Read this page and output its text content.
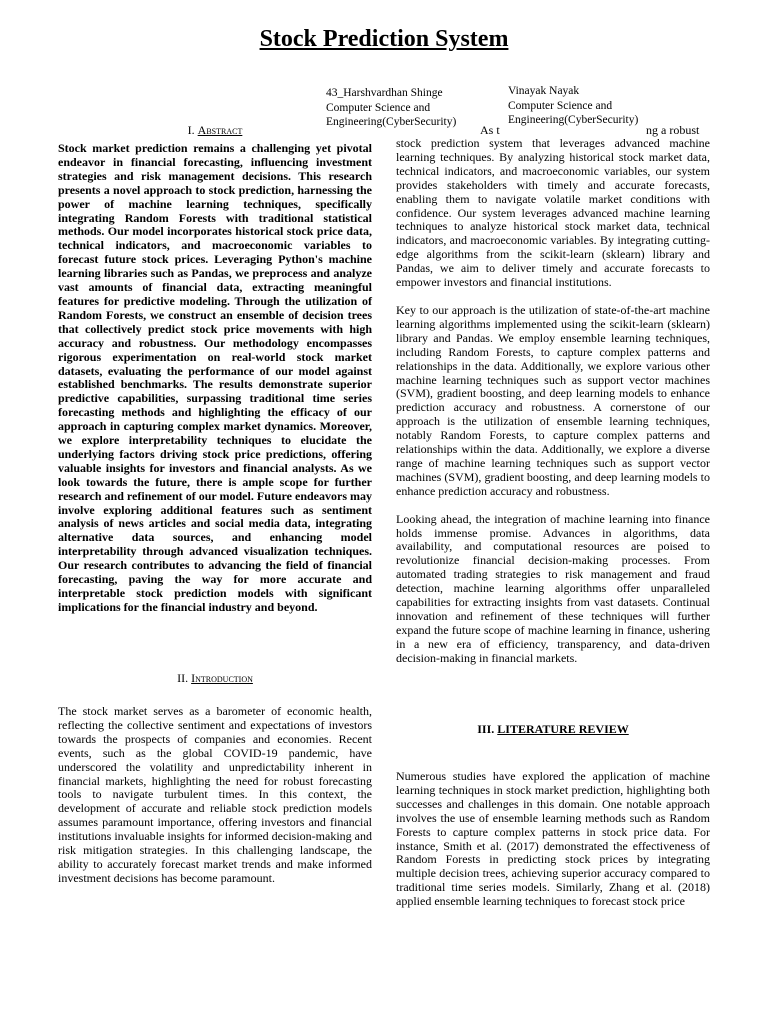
Stock Prediction System
43_Harshvardhan Shinge
Computer Science and
Engineering(CyberSecurity)
Vinayak Nayak
Computer Science and
Engineering(CyberSecurity)
I. Abstract

Stock market prediction remains a challenging yet pivotal endeavor in financial forecasting, influencing investment strategies and risk management decisions. This research presents a novel approach to stock prediction, harnessing the power of machine learning techniques, specifically integrating Random Forests with traditional statistical methods. Our model incorporates historical stock price data, technical indicators, and macroeconomic variables to forecast future stock prices. Leveraging Python's machine learning libraries such as Pandas, we preprocess and analyze vast amounts of financial data, extracting meaningful features for predictive modeling. Through the utilization of Random Forests, we construct an ensemble of decision trees that collectively predict stock price movements with high accuracy and robustness. Our methodology encompasses rigorous experimentation on real-world stock market datasets, evaluating the performance of our model against established benchmarks. The results demonstrate superior predictive capabilities, surpassing traditional time series forecasting methods and highlighting the efficacy of our approach in capturing complex market dynamics. Moreover, we explore interpretability techniques to elucidate the underlying factors driving stock price predictions, offering valuable insights for investors and financial analysts. As we look towards the future, there is ample scope for further research and refinement of our model. Future endeavors may involve exploring additional features such as sentiment analysis of news articles and social media data, integrating alternative data sources, and enhancing model interpretability through advanced visualization techniques. Our research contributes to advancing the field of financial forecasting, paving the way for more accurate and interpretable stock prediction models with significant implications for the financial industry and beyond.

II. Introduction

The stock market serves as a barometer of economic health, reflecting the collective sentiment and expectations of investors towards the prospects of companies and economies. Recent events, such as the global COVID-19 pandemic, have underscored the volatility and unpredictability inherent in financial markets, highlighting the need for robust forecasting tools to navigate turbulent times. In this context, the development of accurate and reliable stock prediction models assumes paramount importance, offering investors and financial institutions invaluable insights for informed decision-making and risk mitigation strategies. In this challenging landscape, the ability to accurately forecast market trends and make informed investment decisions has become paramount.

As t	ng a robust

stock prediction system that leverages advanced machine learning techniques. By analyzing historical stock market data, technical indicators, and macroeconomic variables, our system provides stakeholders with timely and accurate forecasts, enabling them to navigate volatile market conditions with confidence. Our system leverages advanced machine learning techniques to analyze historical stock market data, technical indicators, and macroeconomic variables. By integrating cutting-edge algorithms from the scikit-learn (sklearn) library and Pandas, we aim to deliver timely and accurate forecasts to empower investors and financial institutions.

Key to our approach is the utilization of state-of-the-art machine learning algorithms implemented using the scikit-learn (sklearn) library and Pandas. We employ ensemble learning techniques, including Random Forests, to capture complex patterns and relationships in the data. Additionally, we explore various other machine learning techniques such as support vector machines (SVM), gradient boosting, and deep learning models to enhance prediction accuracy and robustness. A cornerstone of our approach is the utilization of ensemble learning techniques, notably Random Forests, to capture complex patterns and relationships within the data. Additionally, we explore a diverse range of machine learning techniques such as support vector machines (SVM), gradient boosting, and deep learning models to enhance prediction accuracy and robustness.

Looking ahead, the integration of machine learning into finance holds immense promise. Advances in algorithms, data availability, and computational resources are poised to revolutionize financial decision-making processes. From automated trading strategies to risk management and fraud detection, machine learning algorithms offer unparalleled capabilities for extracting insights from vast datasets. Continual innovation and refinement of these techniques will further expand the future scope of machine learning in finance, ushering in a new era of efficiency, transparency, and data-driven decision-making in financial markets.

III. LITERATURE REVIEW

Numerous studies have explored the application of machine learning techniques in stock market prediction, highlighting both successes and challenges in this domain. One notable approach involves the use of ensemble learning methods such as Random Forests to capture complex patterns in stock price data. For instance, Smith et al. (2017) demonstrated the effectiveness of Random Forests in predicting stock prices by integrating multiple decision trees, achieving superior accuracy compared to traditional time series models. Similarly, Zhang et al. (2018) applied ensemble learning techniques to forecast stock price
